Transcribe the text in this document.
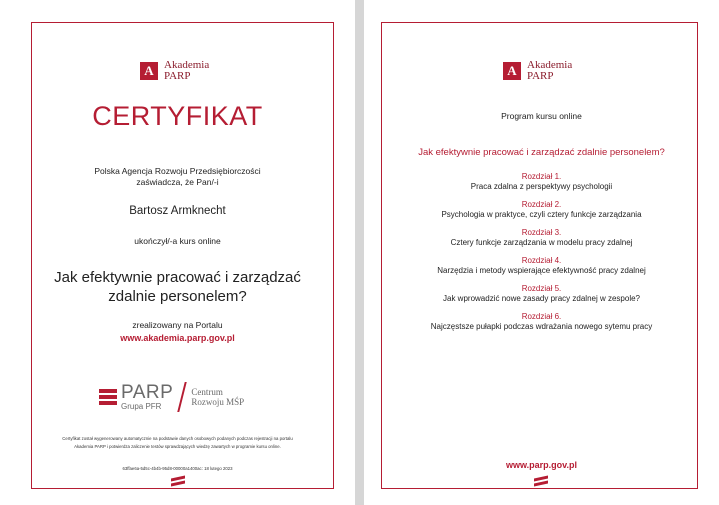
A Akademia
PARP
CERTYFIKAT
Polska Agencja Rozwoju Przedsiębiorczości
zaświadcza, że Pan/-i
Bartosz Armknecht
ukończył/-a kurs online
Jak efektywnie pracować i zarządzać
zdalnie personelem?
zrealizowany na Portalu
www.akademia.parp.gov.pl
PARP
Grupa PFR
Centrum
Rozwoju MŚP
Certyfikat został wygenerowany automatycznie na podstawie danych osobowych podanych podczas rejestracji na portalu
Akademia PARP i potwierdza zaliczenie testów sprawdzających wiedzę zawartych w programie kursu online.
63ffae6a-5d5c-4b4b-95d8-00000a1400ac: 18 lutego 2023
A Akademia
PARP
Program kursu online
Jak efektywnie pracować i zarządzać zdalnie personelem?
Rozdział 1.
Praca zdalna z perspektywy psychologii
Rozdział 2.
Psychologia w praktyce, czyli cztery funkcje zarządzania
Rozdział 3.
Cztery funkcje zarządzania w modelu pracy zdalnej
Rozdział 4.
Narzędzia i metody wspierające efektywność pracy zdalnej
Rozdział 5.
Jak wprowadzić nowe zasady pracy zdalnej w zespole?
Rozdział 6.
Najczęstsze pułapki podczas wdrażania nowego sytemu pracy
www.parp.gov.pl
